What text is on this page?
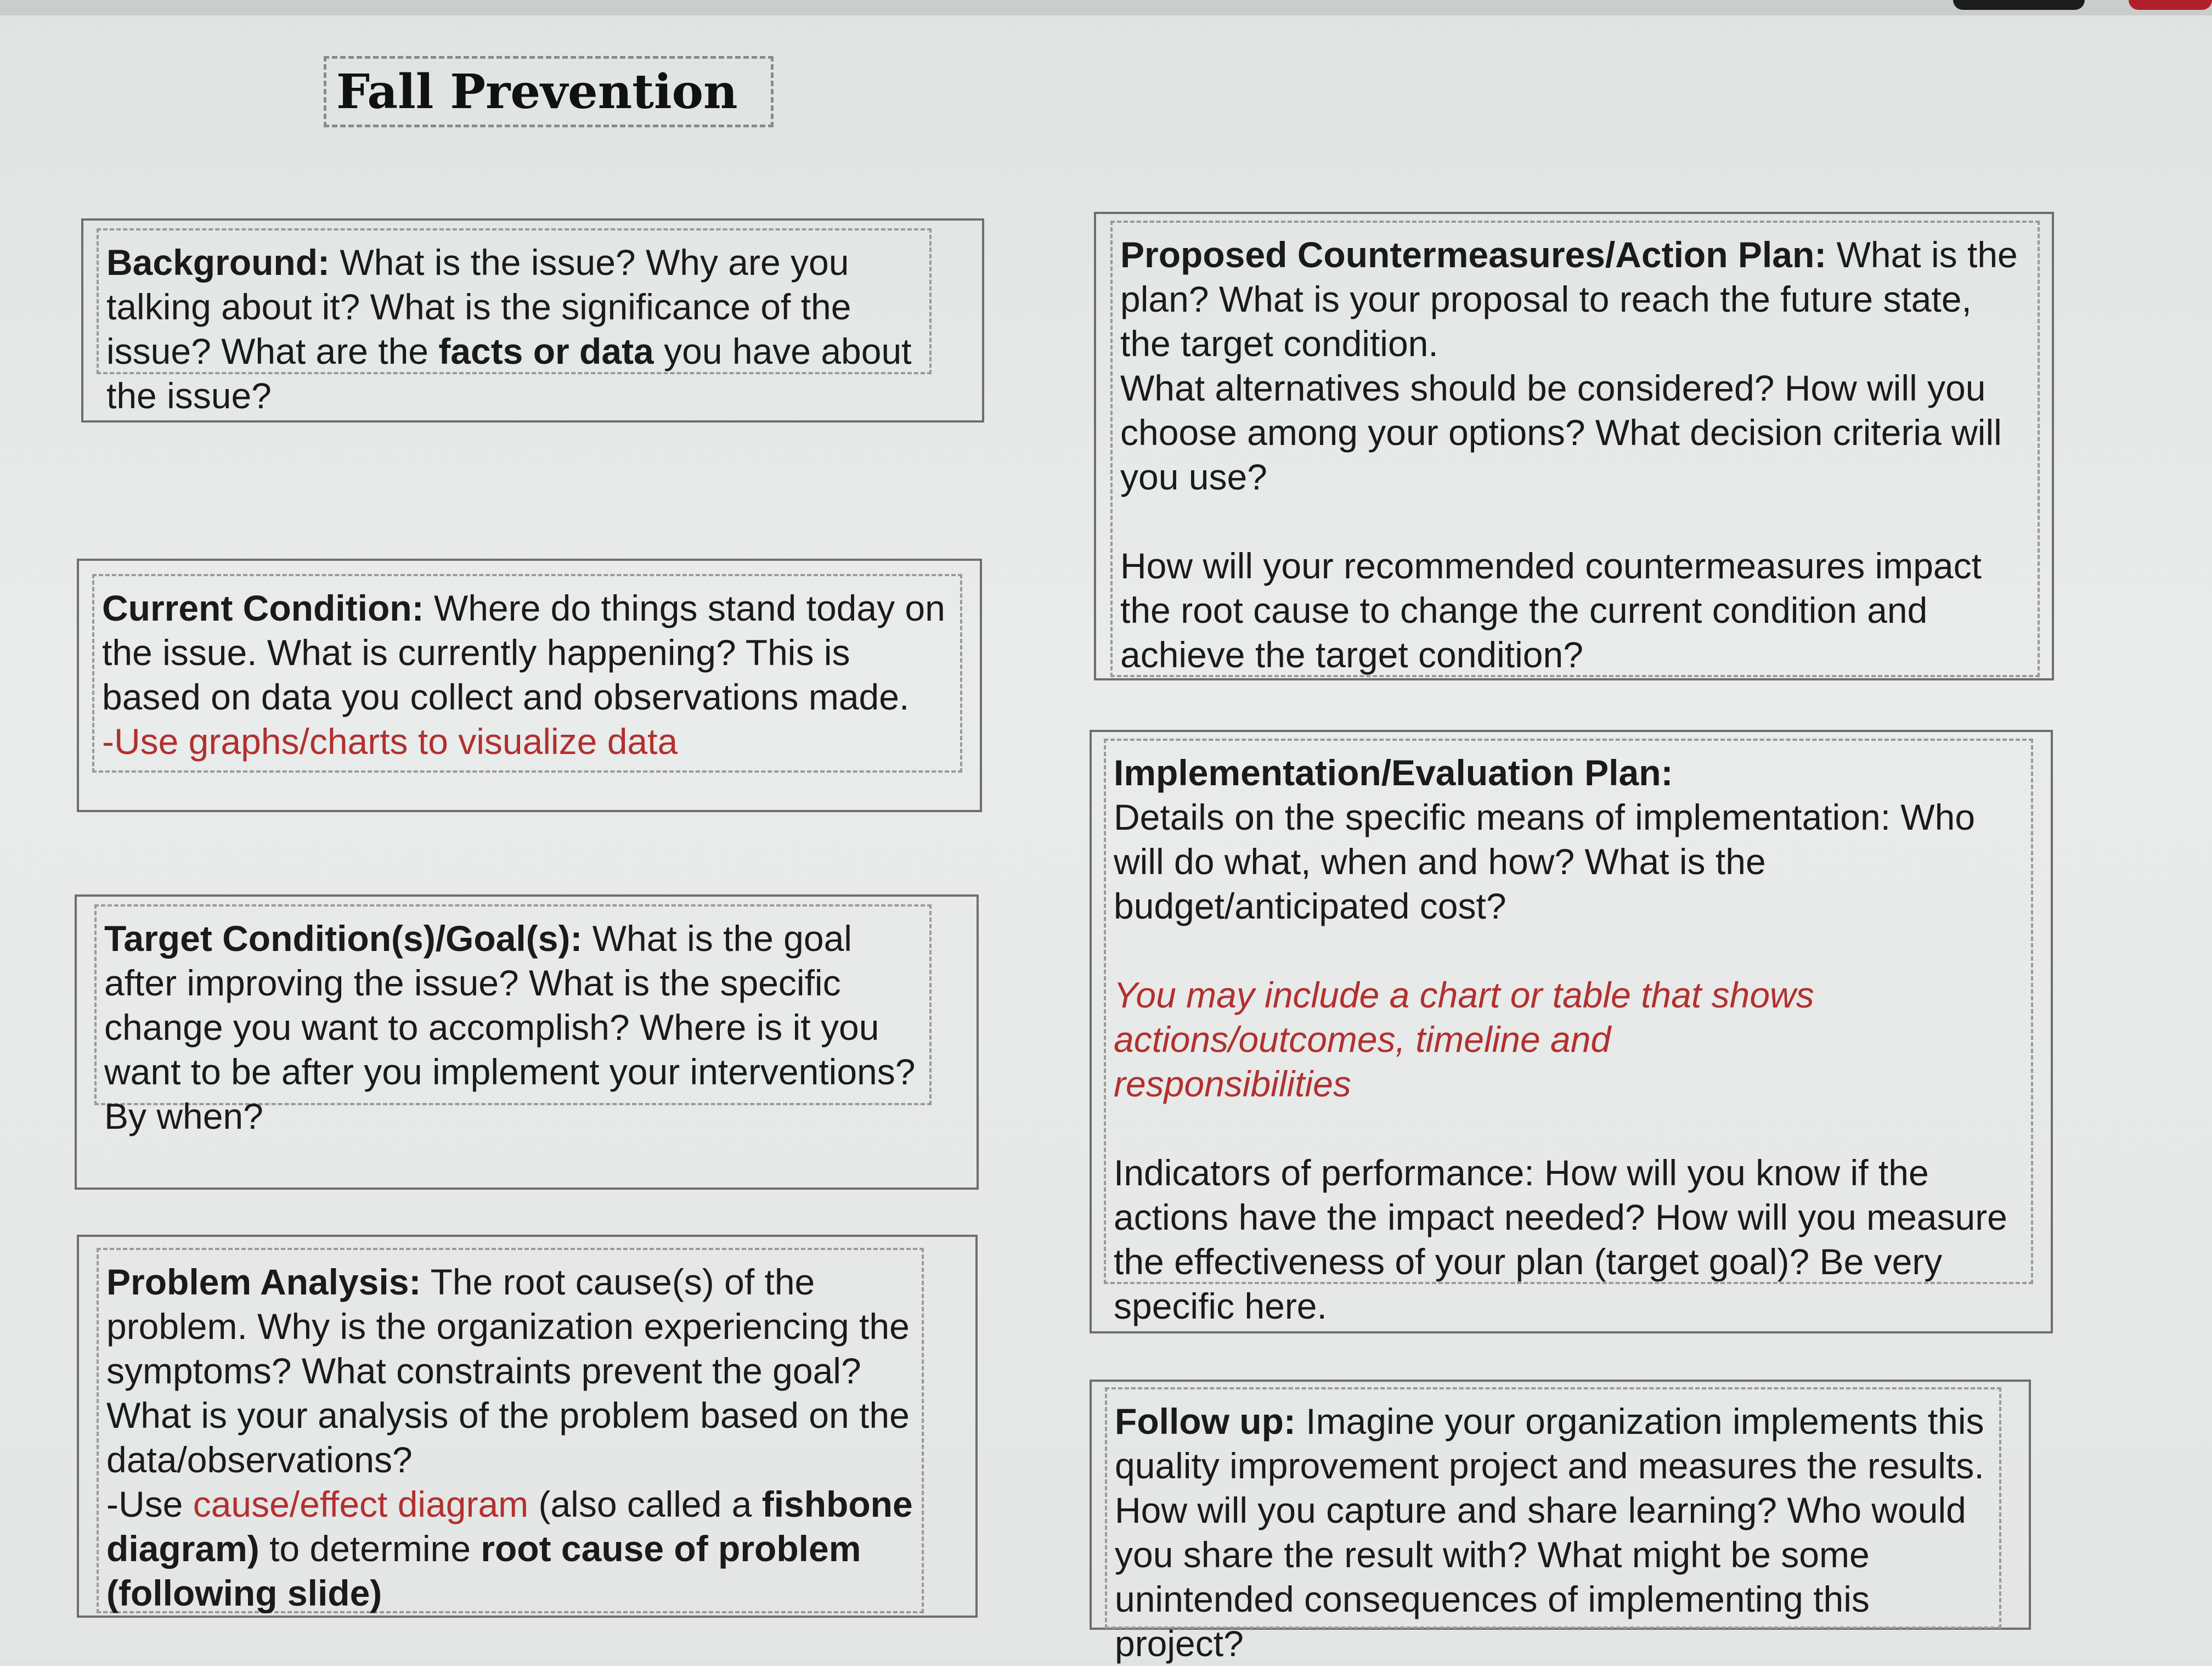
Fall Prevention
Background: What is the issue? Why are you talking about it? What is the significance of the issue? What are the facts or data you have about the issue?
Current Condition: Where do things stand today on the issue. What is currently happening? This is based on data you collect and observations made.

-Use graphs/charts to visualize data

Target Condition(s)/Goal(s): What is the goal after improving the issue? What is the specific change you want to accomplish? Where is it you want to be after you implement your interventions? By when?
Problem Analysis: The root cause(s) of the problem. Why is the organization experiencing the symptoms? What constraints prevent the goal? What is your analysis of the problem based on the data/observations?

-Use cause/effect diagram (also called a fishbone diagram) to determine root cause of problem (following slide)

Proposed Countermeasures/Action Plan: What is the plan? What is your proposal to reach the future state, the target condition.

What alternatives should be considered? How will you choose among your options? What decision criteria will you use?

How will your recommended countermeasures impact the root cause to change the current condition and achieve the target condition?

Implementation/Evaluation Plan:

Details on the specific means of implementation: Who will do what, when and how? What is the budget/anticipated cost?

You may include a chart or table that shows actions/outcomes, timeline and responsibilities

Indicators of performance: How will you know if the actions have the impact needed? How will you measure the effectiveness of your plan (target goal)? Be very specific here.

Follow up: Imagine your organization implements this quality improvement project and measures the results. How will you capture and share learning? Who would you share the result with? What might be some unintended consequences of implementing this project?
